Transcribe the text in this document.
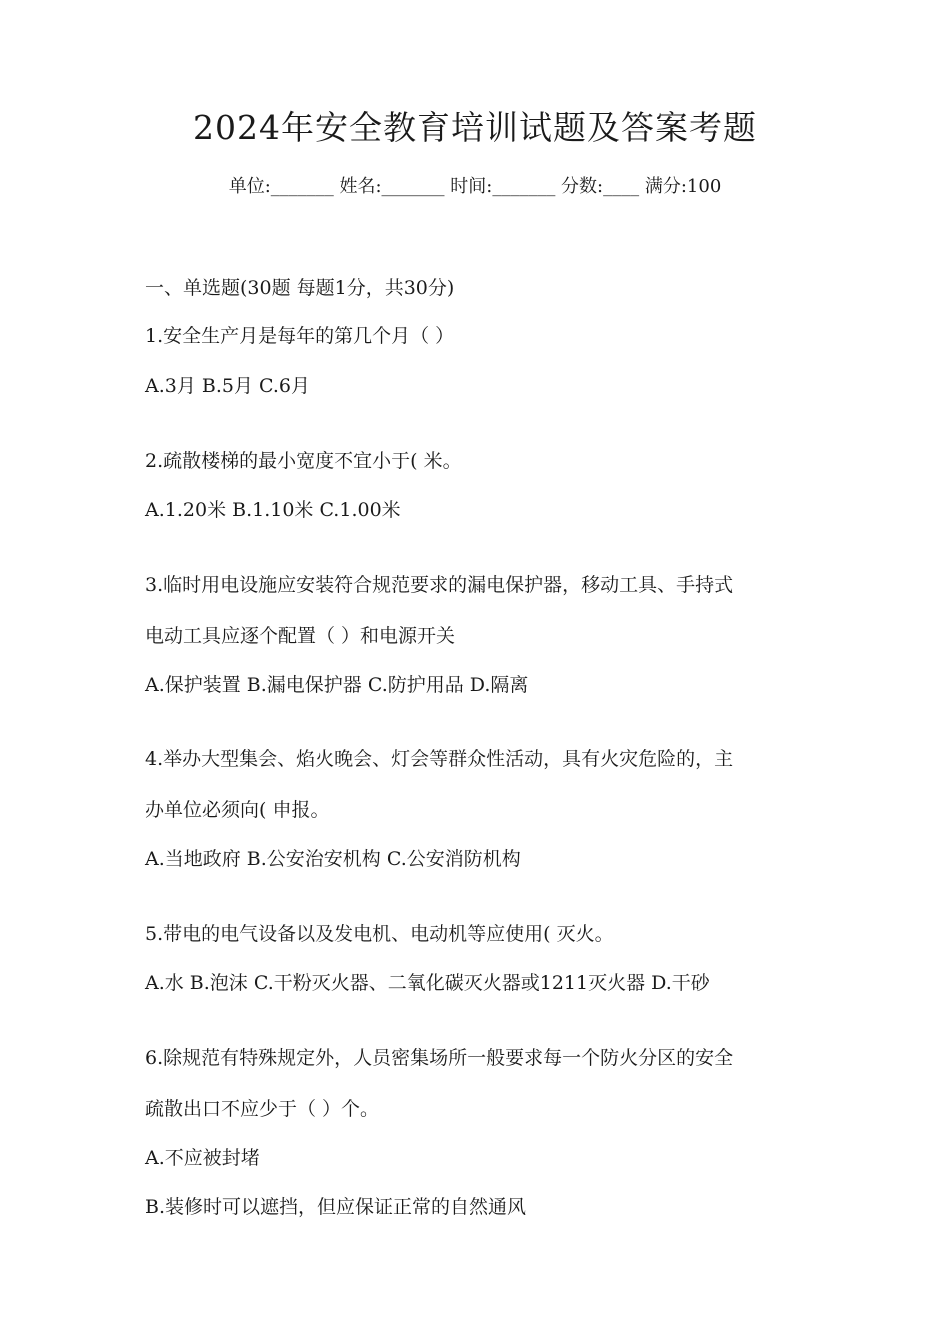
2024年安全教育培训试题及答案考题
单位:_______ 姓名:_______ 时间:_______ 分数:____ 满分:100
一、单选题(30题 每题1分，共30分)
1.安全生产月是每年的第几个月（ ）
A.3月 B.5月 C.6月
2.疏散楼梯的最小宽度不宜小于( 米。
A.1.20米 B.1.10米 C.1.00米
3.临时用电设施应安装符合规范要求的漏电保护器，移动工具、手持式
电动工具应逐个配置（ ）和电源开关
A.保护装置 B.漏电保护器 C.防护用品 D.隔离
4.举办大型集会、焰火晚会、灯会等群众性活动，具有火灾危险的，主
办单位必须向( 申报。
A.当地政府 B.公安治安机构 C.公安消防机构
5.带电的电气设备以及发电机、电动机等应使用( 灭火。
A.水 B.泡沫 C.干粉灭火器、二氧化碳灭火器或1211灭火器 D.干砂
6.除规范有特殊规定外，人员密集场所一般要求每一个防火分区的安全
疏散出口不应少于（ ）个。
A.不应被封堵
B.装修时可以遮挡，但应保证正常的自然通风
